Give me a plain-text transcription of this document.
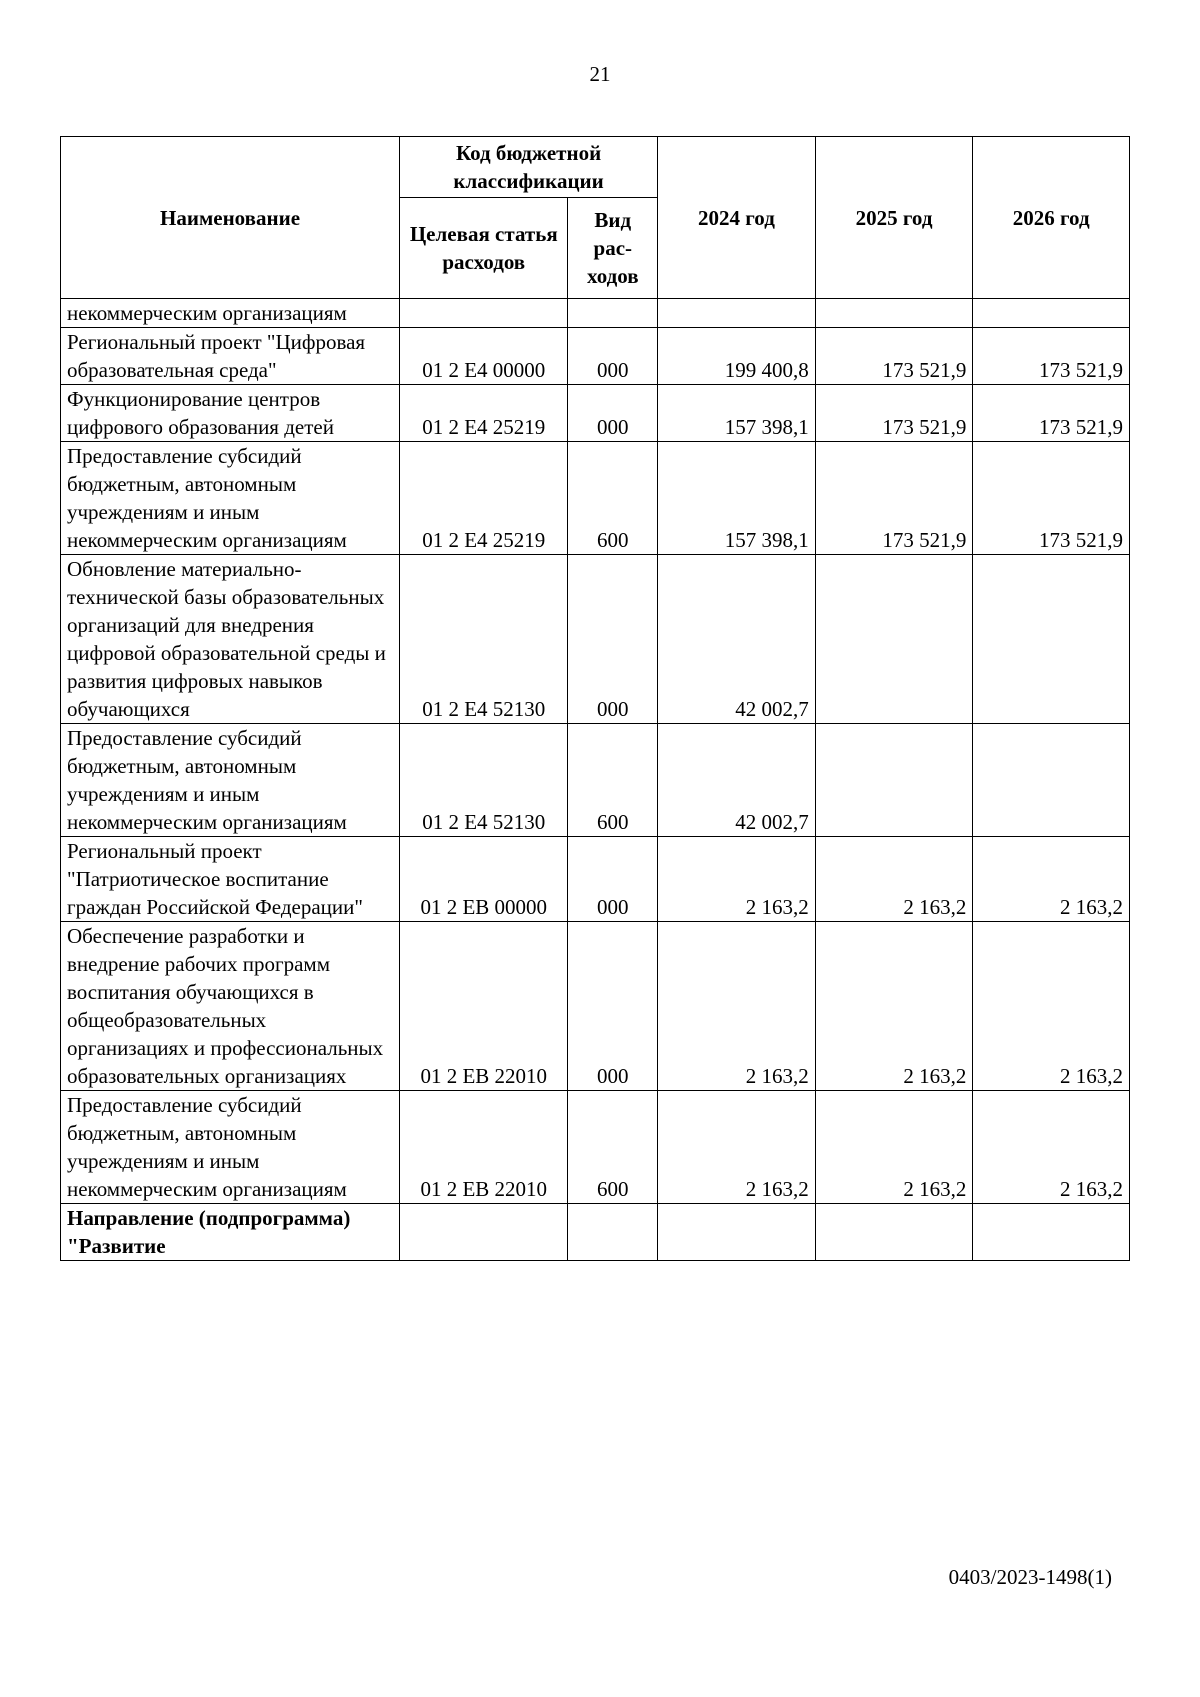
21
Наименование	Код бюджетной классификации		2024 год	2025 год	2026 год
	Целевая статья расходов	Вид рас-ходов			
некоммерческим организациям					
Региональный проект "Цифровая образовательная среда"	01 2 Е4 00000	000	199 400,8	173 521,9	173 521,9
Функционирование центров цифрового образования детей	01 2 Е4 25219	000	157 398,1	173 521,9	173 521,9
Предоставление субсидий бюджетным, автономным учреждениям и иным некоммерческим организациям	01 2 Е4 25219	600	157 398,1	173 521,9	173 521,9
Обновление материально-технической базы образовательных организаций для внедрения цифровой образовательной среды и развития цифровых навыков обучающихся	01 2 Е4 52130	000	42 002,7		
Предоставление субсидий бюджетным, автономным учреждениям и иным некоммерческим организациям	01 2 Е4 52130	600	42 002,7		
Региональный проект "Патриотическое воспитание граждан Российской Федерации"	01 2 ЕВ 00000	000	2 163,2	2 163,2	2 163,2
Обеспечение разработки и внедрение рабочих программ воспитания обучающихся в общеобразовательных организациях и профессиональных образовательных организациях	01 2 ЕВ 22010	000	2 163,2	2 163,2	2 163,2
Предоставление субсидий бюджетным, автономным учреждениям и иным некоммерческим организациям	01 2 ЕВ 22010	600	2 163,2	2 163,2	2 163,2
Направление (подпрограмма) "Развитие					
0403/2023-1498(1)
